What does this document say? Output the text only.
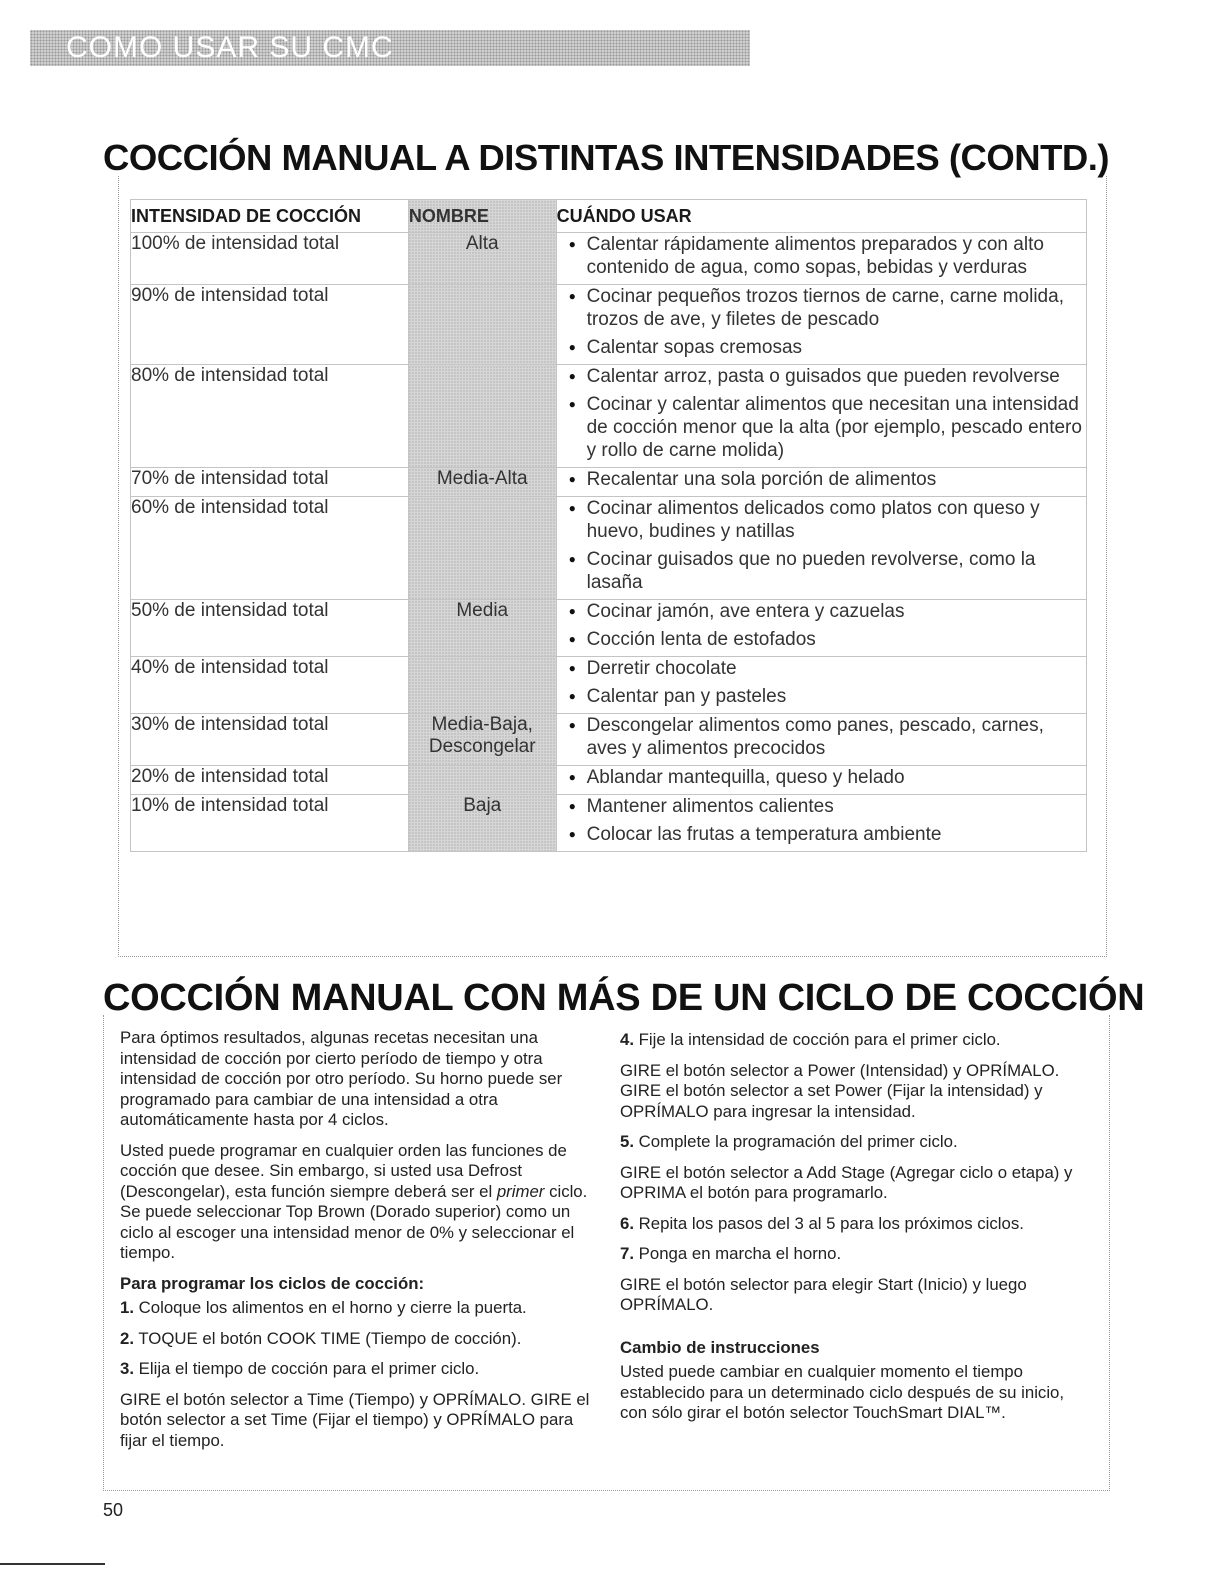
COMO USAR SU CMC
COCCIÓN MANUAL A DISTINTAS INTENSIDADES (CONTD.)
INTENSIDAD DE COCCIÓN	NOMBRE	CUÁNDO USAR
100% de intensidad total	Alta	● Calentar rápidamente alimentos preparados y con alto contenido de agua, como sopas, bebidas y verduras

90% de intensidad total		● Cocinar pequeños trozos tiernos de carne, carne molida, trozos de ave, y filetes de pescado
● Calentar sopas cremosas

80% de intensidad total		● Calentar arroz, pasta o guisados que pueden revolverse
● Cocinar y calentar alimentos que necesitan una intensidad de cocción menor que la alta (por ejemplo, pescado entero y rollo de carne molida)

70% de intensidad total	Media-Alta	● Recalentar una sola porción de alimentos

60% de intensidad total		● Cocinar alimentos delicados como platos con queso y huevo, budines y natillas
● Cocinar guisados que no pueden revolverse, como la lasaña

50% de intensidad total	Media	● Cocinar jamón, ave entera y cazuelas
● Cocción lenta de estofados

40% de intensidad total		● Derretir chocolate
● Calentar pan y pasteles

30% de intensidad total	Media-Baja, Descongelar	● Descongelar alimentos como panes, pescado, carnes, aves y alimentos precocidos

20% de intensidad total		● Ablandar mantequilla, queso y helado

10% de intensidad total	Baja	● Mantener alimentos calientes
● Colocar las frutas a temperatura ambiente
COCCIÓN MANUAL CON MÁS DE UN CICLO DE COCCIÓN

Para óptimos resultados, algunas recetas necesitan una intensidad de cocción por cierto período de tiempo y otra intensidad de cocción por otro período. Su horno puede ser programado para cambiar de una intensidad a otra automáticamente hasta por 4 ciclos.

Usted puede programar en cualquier orden las funciones de cocción que desee. Sin embargo, si usted usa Defrost (Descongelar), esta función siempre deberá ser el primer ciclo. Se puede seleccionar Top Brown (Dorado superior) como un ciclo al escoger una intensidad menor de 0% y seleccionar el tiempo.

Para programar los ciclos de cocción:

1. Coloque los alimentos en el horno y cierre la puerta.

2. TOQUE el botón COOK TIME (Tiempo de cocción).

3. Elija el tiempo de cocción para el primer ciclo.

GIRE el botón selector a Time (Tiempo) y OPRÍMALO. GIRE el botón selector a set Time (Fijar el tiempo) y OPRÍMALO para fijar el tiempo.

4. Fije la intensidad de cocción para el primer ciclo.

GIRE el botón selector a Power (Intensidad) y OPRÍMALO. GIRE el botón selector a set Power (Fijar la intensidad) y OPRÍMALO para ingresar la intensidad.

5. Complete la programación del primer ciclo.

GIRE el botón selector a Add Stage (Agregar ciclo o etapa) y OPRIMA el botón para programarlo.

6. Repita los pasos del 3 al 5 para los próximos ciclos.

7. Ponga en marcha el horno.

GIRE el botón selector para elegir Start (Inicio) y luego OPRÍMALO.

Cambio de instrucciones

Usted puede cambiar en cualquier momento el tiempo establecido para un determinado ciclo después de su inicio, con sólo girar el botón selector TouchSmart DIAL™.

50
